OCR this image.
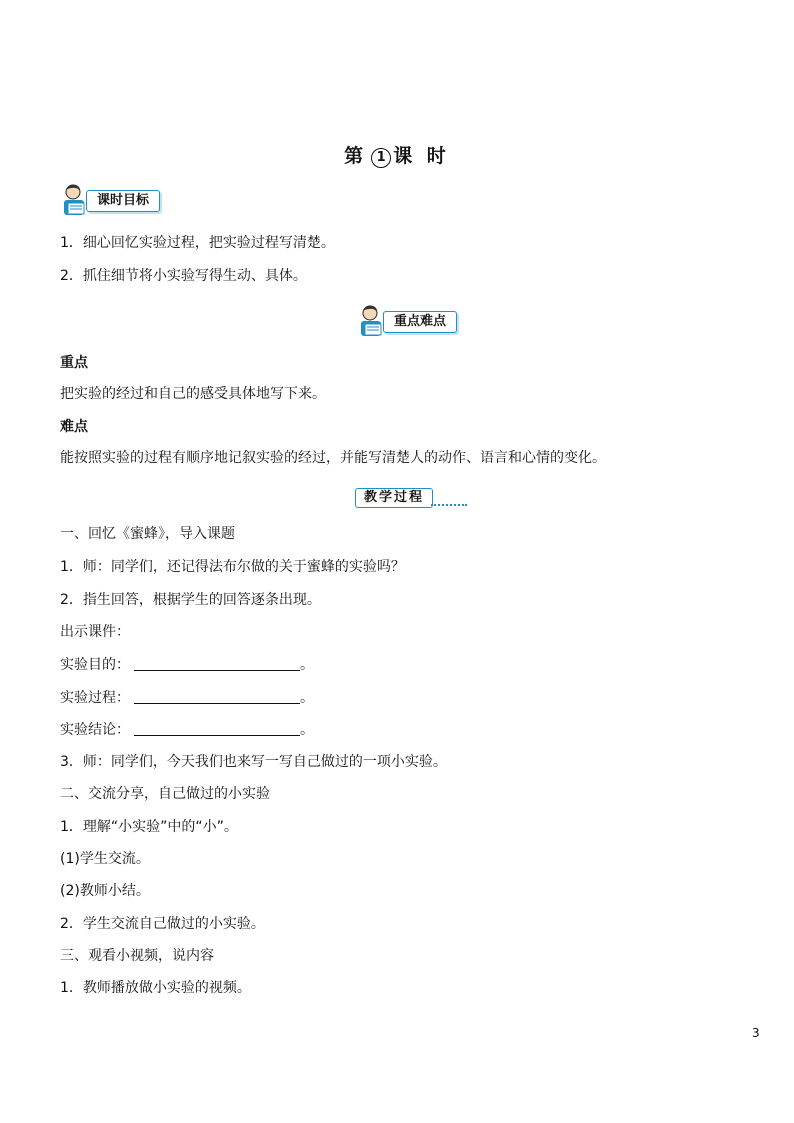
第 1 课 时
课时目标
1．细心回忆实验过程，把实验过程写清楚。
2．抓住细节将小实验写得生动、具体。
重点难点
重点
把实验的经过和自己的感受具体地写下来。
难点
能按照实验的过程有顺序地记叙实验的经过，并能写清楚人的动作、语言和心情的变化。
教学过程
一、回忆《蜜蜂》，导入课题
1．师：同学们，还记得法布尔做的关于蜜蜂的实验吗？
2．指生回答，根据学生的回答逐条出现。
出示课件：
实验目的：	。
实验过程：	。
实验结论：	。
3．师：同学们，今天我们也来写一写自己做过的一项小实验。
二、交流分享，自己做过的小实验
1．理解“小实验”中的“小”。
(1)学生交流。
(2)教师小结。
2．学生交流自己做过的小实验。
三、观看小视频，说内容
1．教师播放做小实验的视频。
3
